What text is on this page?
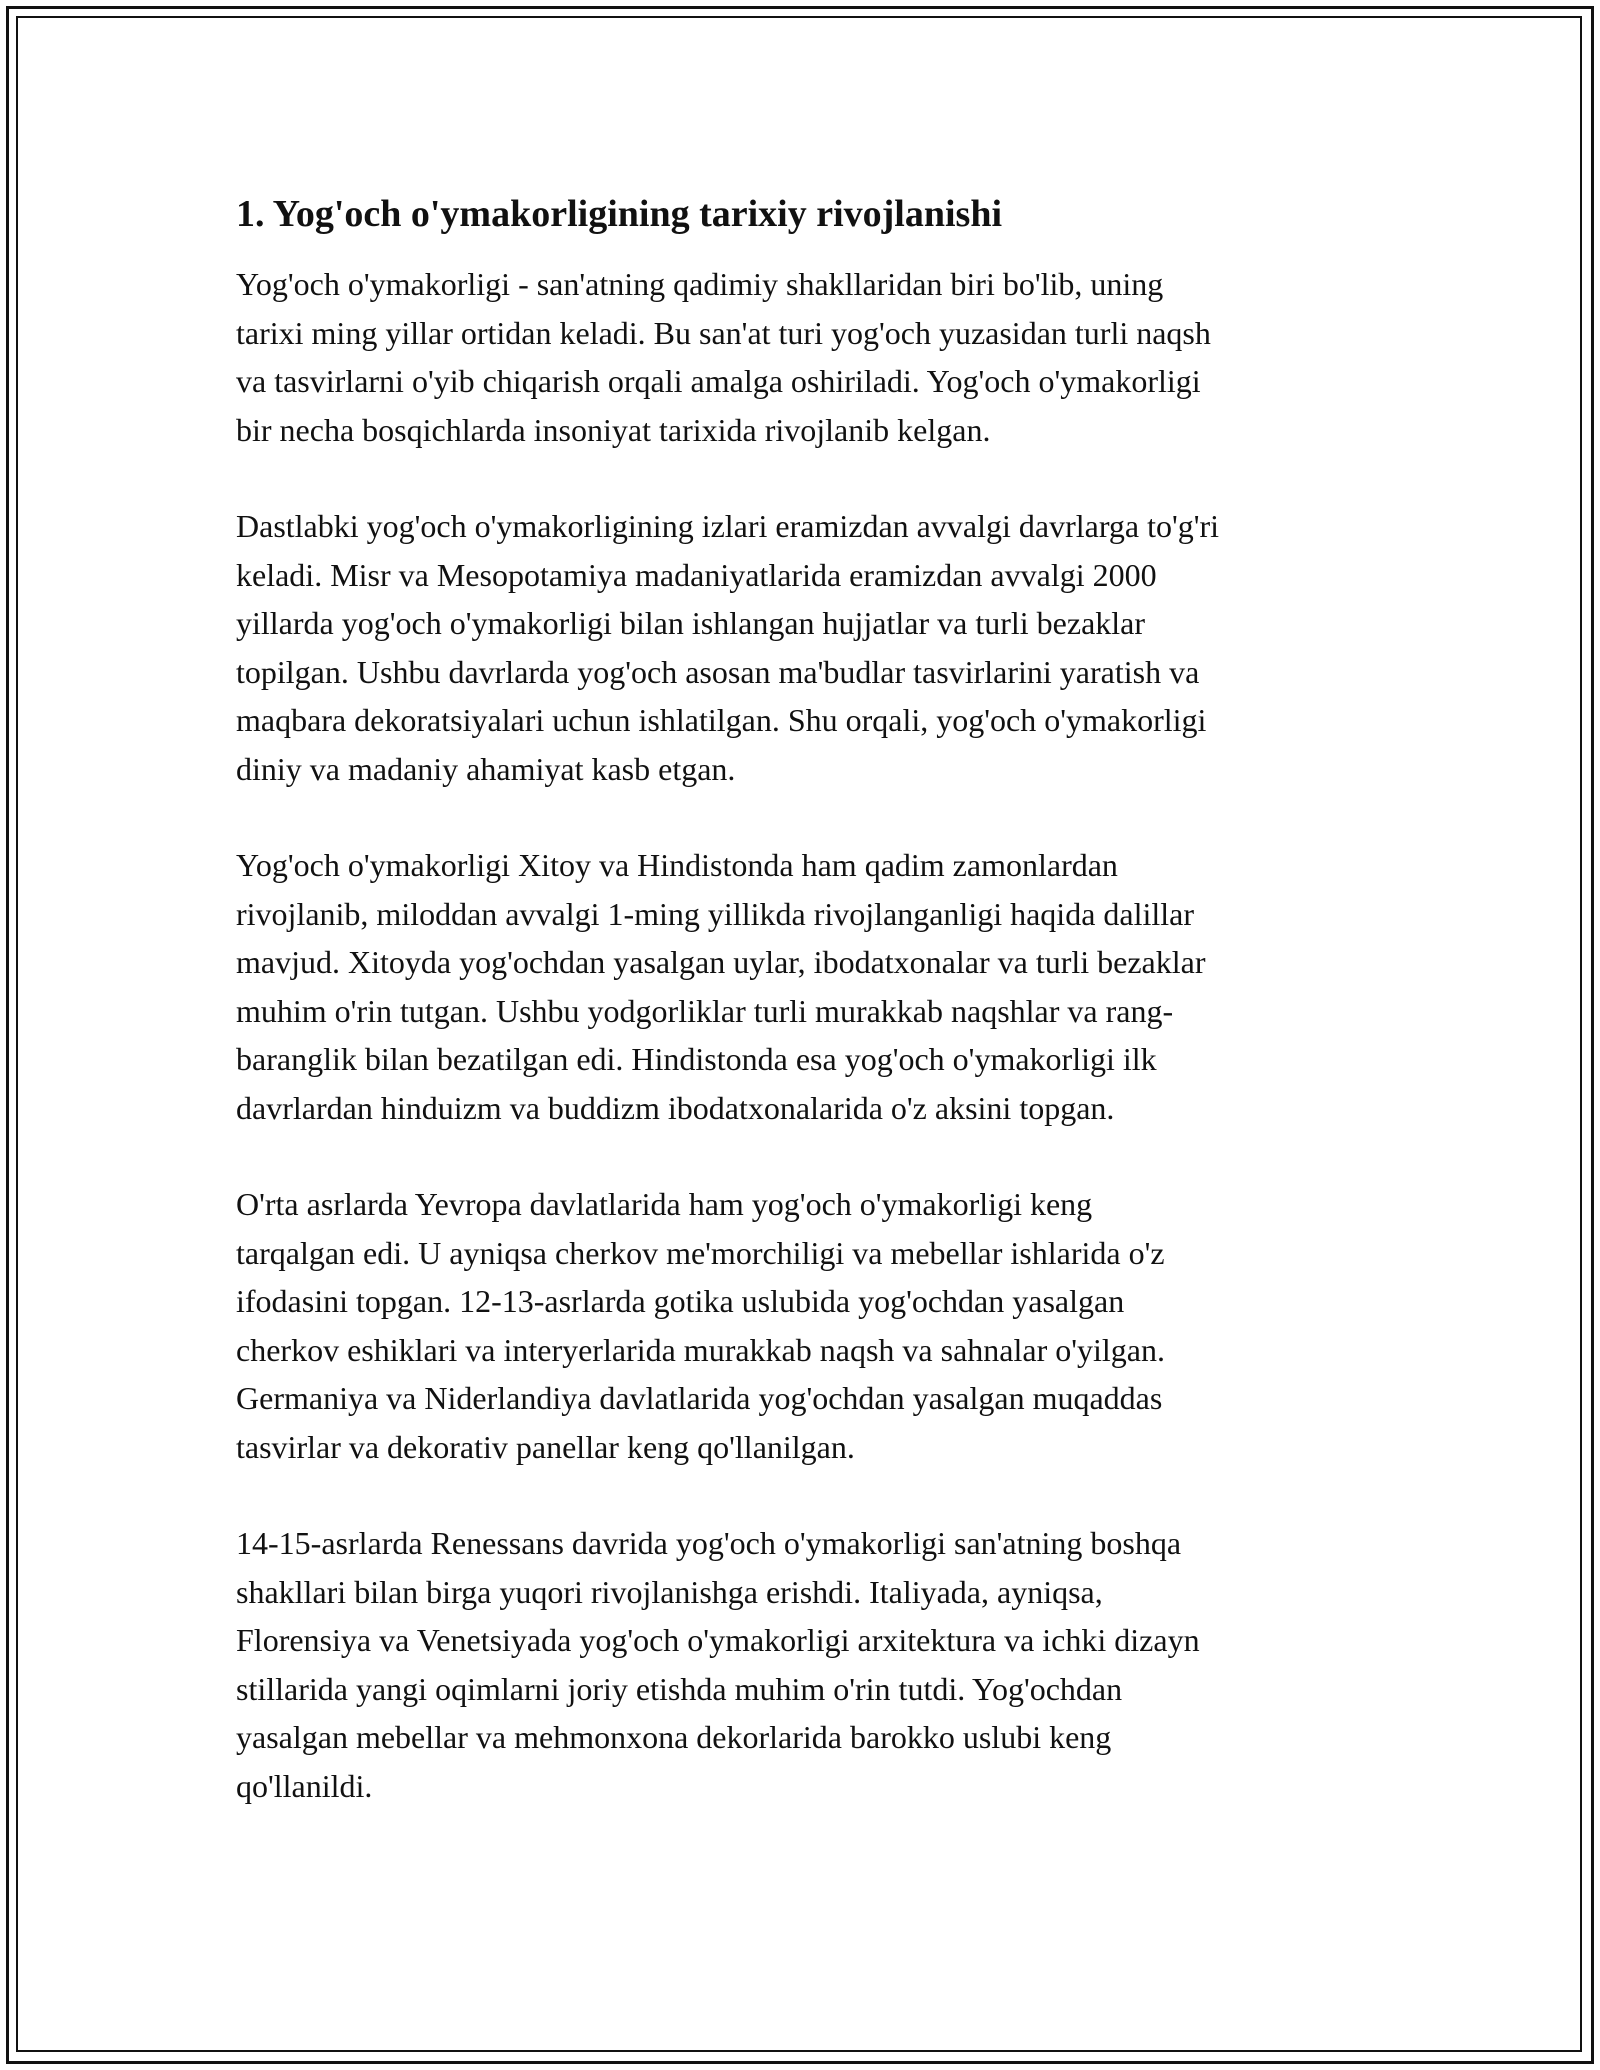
1. Yog'och o'ymakorligining tarixiy rivojlanishi

Yog'och o'ymakorligi - san'atning qadimiy shakllaridan biri bo'lib, uning
tarixi ming yillar ortidan keladi. Bu san'at turi yog'och yuzasidan turli naqsh
va tasvirlarni o'yib chiqarish orqali amalga oshiriladi. Yog'och o'ymakorligi
bir necha bosqichlarda insoniyat tarixida rivojlanib kelgan.

Dastlabki yog'och o'ymakorligining izlari eramizdan avvalgi davrlarga to'g'ri
keladi. Misr va Mesopotamiya madaniyatlarida eramizdan avvalgi 2000
yillarda yog'och o'ymakorligi bilan ishlangan hujjatlar va turli bezaklar
topilgan. Ushbu davrlarda yog'och asosan ma'budlar tasvirlarini yaratish va
maqbara dekoratsiyalari uchun ishlatilgan. Shu orqali, yog'och o'ymakorligi
diniy va madaniy ahamiyat kasb etgan.

Yog'och o'ymakorligi Xitoy va Hindistonda ham qadim zamonlardan
rivojlanib, miloddan avvalgi 1-ming yillikda rivojlanganligi haqida dalillar
mavjud. Xitoyda yog'ochdan yasalgan uylar, ibodatxonalar va turli bezaklar
muhim o'rin tutgan. Ushbu yodgorliklar turli murakkab naqshlar va rang-
baranglik bilan bezatilgan edi. Hindistonda esa yog'och o'ymakorligi ilk
davrlardan hinduizm va buddizm ibodatxonalarida o'z aksini topgan.

O'rta asrlarda Yevropa davlatlarida ham yog'och o'ymakorligi keng
tarqalgan edi. U ayniqsa cherkov me'morchiligi va mebellar ishlarida o'z
ifodasini topgan. 12-13-asrlarda gotika uslubida yog'ochdan yasalgan
cherkov eshiklari va interyerlarida murakkab naqsh va sahnalar o'yilgan.
Germaniya va Niderlandiya davlatlarida yog'ochdan yasalgan muqaddas
tasvirlar va dekorativ panellar keng qo'llanilgan.

14-15-asrlarda Renessans davrida yog'och o'ymakorligi san'atning boshqa
shakllari bilan birga yuqori rivojlanishga erishdi. Italiyada, ayniqsa,
Florensiya va Venetsiyada yog'och o'ymakorligi arxitektura va ichki dizayn
stillarida yangi oqimlarni joriy etishda muhim o'rin tutdi. Yog'ochdan
yasalgan mebellar va mehmonxona dekorlarida barokko uslubi keng
qo'llanildi.
